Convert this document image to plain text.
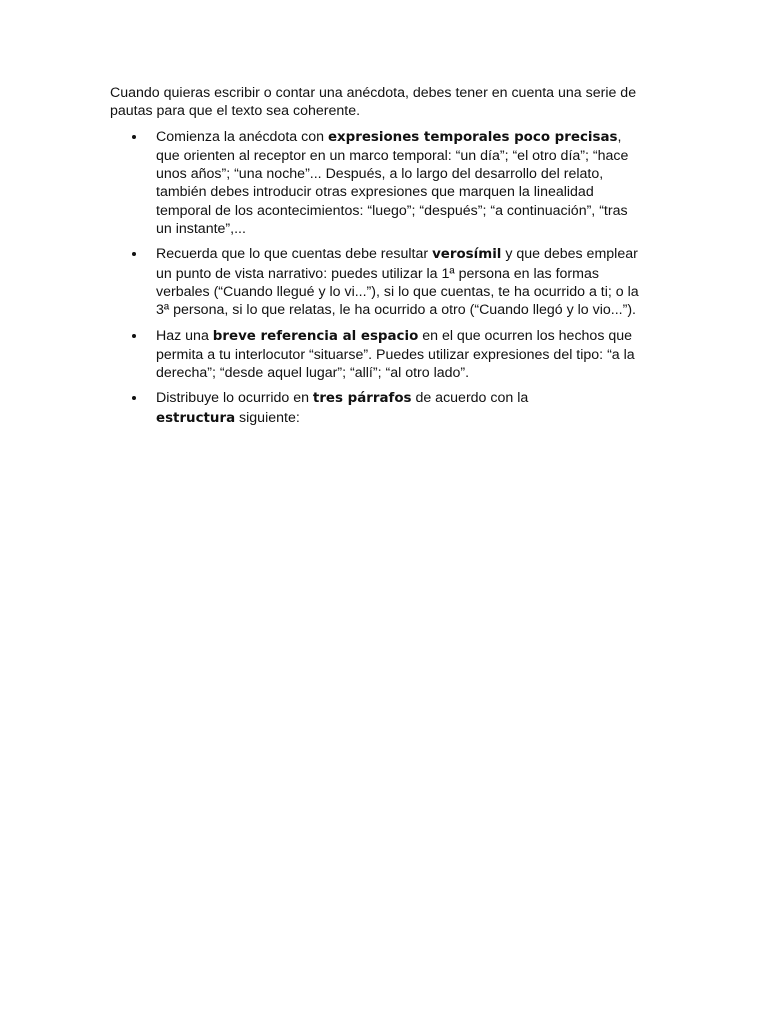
Cuando quieras escribir o contar una anécdota, debes tener en cuenta una serie de pautas para que el texto sea coherente.

Comienza la anécdota con expresiones temporales poco precisas, que orienten al receptor en un marco temporal: “un día”; “el otro día”; “hace unos años”; “una noche”... Después, a lo largo del desarrollo del relato, también debes introducir otras expresiones que marquen la linealidad temporal de los acontecimientos: “luego”; “después”; “a continuación”, “tras un instante”,...
Recuerda que lo que cuentas debe resultar verosímil y que debes emplear un punto de vista narrativo: puedes utilizar la 1ª persona en las formas verbales (“Cuando llegué y lo vi...”), si lo que cuentas, te ha ocurrido a ti; o la 3ª persona, si lo que relatas, le ha ocurrido a otro (“Cuando llegó y lo vio...”).
Haz una breve referencia al espacio en el que ocurren los hechos que permita a tu interlocutor “situarse”. Puedes utilizar expresiones del tipo: “a la derecha”; “desde aquel lugar”; “allí”; “al otro lado”.
Distribuye lo ocurrido en tres párrafos de acuerdo con la estructura siguiente:
